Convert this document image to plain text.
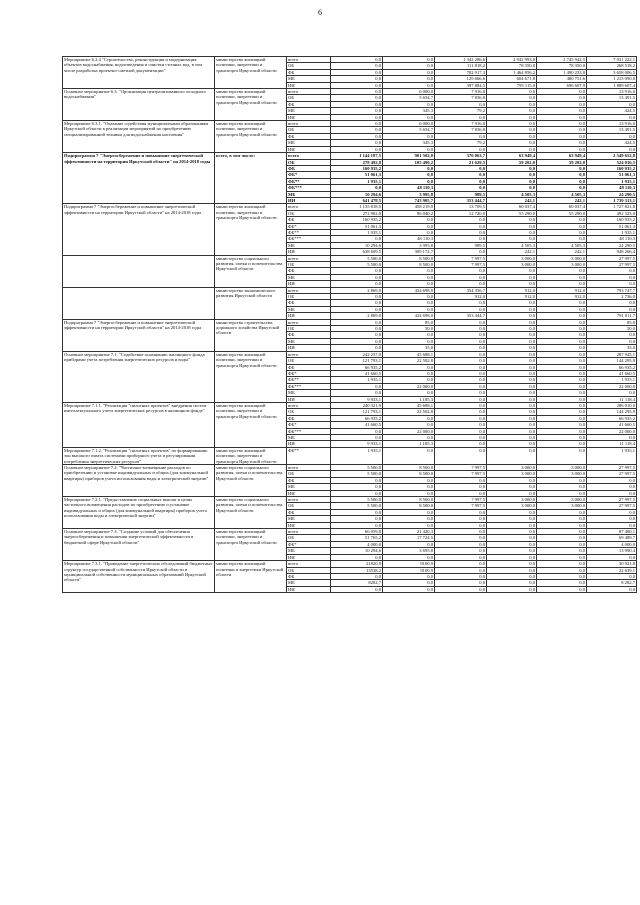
6
Мероприятие 6.2.4 "Строительство, реконструкция и модернизация объектов водоснабжения, водоотведения и очистки сточных вод, в том числе разработка проектно-сметной документации"	министерство жилищной политики, энергетики и транспорта Иркутской области	всего	0,0	0,0	1 342 286,6	2 942 993,0	2 745 942,5	7 031 222,1
		ОБ	0,0	0,0	111 818,2	78 350,0	78 350,0	268 518,2
		ФБ	0,0	0,0	702 917,3	1 464 856,2	1 490 233,0	3 658 006,5
		МБ	0,0	0,0	129 666,6	604 671,8	480 751,6	1 215 090,0
		ИИ	0,0	0,0	397 884,5	795 115,0	696 607,9	1 889 607,4
Основное мероприятие 6.3. "Организация централизованного холодного водоснабжения"	министерство жилищной политики, энергетики и транспорта Иркутской области	всего	0,0	6 000,0	7 916,0	0,0	0,0	13 916,0
		ОБ	0,0	5 654,7	7 836,8	0,0	0,0	13 491,5
		ФБ	0,0	0,0	0,0	0,0	0,0	0,0
		МБ	0,0	345,3	79,2	0,0	0,0	424,5
		ИИ	0,0	0,0	0,0	0,0	0,0	0,0
Мероприятие 6.3.1. "Оказание содействия муниципальным образованиям Иркутской области в реализации мероприятий по приобретению специализированной техники для водоснабжения населения"	министерство жилищной политики, энергетики и транспорта Иркутской области	всего	0,0	6 000,0	7 916,0	0,0	0,0	13 916,0
		ОБ	0,0	5 654,7	7 836,8	0,0	0,0	13 491,5
		ФБ	0,0	0,0	0,0	0,0	0,0	0,0
		МБ	0,0	345,3	79,2	0,0	0,0	424,5
		ИИ	0,0	0,0	0,0	0,0	0,0	0,0
Подпрограмма 7 "Энергосбережение и повышение энергетической эффективности на территории Иркутской области" на 2014-2018 годы	всего, в том числе:	всего	1 144 187,5	901 502,0	376 063,7	63 949,4	63 949,4	2 549 652,0
		ОБ	278 492,8	105 490,2	21 629,5	59 202,0	59 202,0	524 016,5
		ФБ	160 935,2	0,0	0,0	0,0	0,0	160 935,2
		ФБ*	51 061,3	0,0	0,0	0,0	0,0	51 061,3
		ФБ**	1 935,1	0,0	0,0	0,0	0,0	1 935,1
		ФБ***	0,0	48 110,3	0,0	0,0	0,0	48 110,3
		МБ	10 294,6	3 995,8	989,5	4 505,3	4 505,3	24 290,5
		ИИ	641 478,5	743 905,7	353 444,7	242,1	242,1	1 739 313,1
Подпрограмма 7 "Энергосбережение и повышение энергетической эффективности на территории Иркутской области" на 2014-2018 годы	министерство жилищной политики, энергетики и транспорта Иркутской области	всего	1 135 818,5	458 219,0	13 709,5	60 037,4	60 037,4	1 727 821,8
		ОБ	272 982,8	96 040,2	12 720,0	55 290,0	55 290,0	492 323,0
		ФБ	160 935,2	0,0	0,0	0,0	0,0	160 935,2
		ФБ*	51 061,3	0,0	0,0	0,0	0,0	51 061,3
		ФБ**	1 935,1	0,0	0,0	0,0	0,0	1 935,1
		ФБ***	0,0	48 110,3	0,0	0,0	0,0	48 110,3
		МБ	10 294,6	3 995,8	989,5	4 505,3	4 505,3	24 290,5
		ИИ	638 609,5	309 172,7	0,0	242,1	242,1	948 266,4
	министерство социального развития, опеки и попечительства Иркутской области	всего	5 500,0	8 500,0	7 997,5	3 000,0	3 000,0	27 997,5
		ОБ	5 500,0	8 500,0	7 997,5	3 000,0	3 000,0	27 997,5
		ФБ	0,0	0,0	0,0	0,0	0,0	0,0
		МБ	0,0	0,0	0,0	0,0	0,0	0,0
		ИИ	0,0	0,0	0,0	0,0	0,0	0,0
	министерство экономического развития Иркутской области	всего	2 869,0	434 698,0	354 356,7	912,0	912,0	793 747,7
		ОБ	0,0	0,0	912,0	912,0	912,0	2 736,0
		ФБ	0,0	0,0	0,0	0,0	0,0	0,0
		МБ	0,0	0,0	0,0	0,0	0,0	0,0
		ИИ	2 869,0	434 698,0	353 444,7	0,0	0,0	791 011,7
Подпрограмма 7 "Энергосбережение и повышение энергетической эффективности на территории Иркутской области" на 2014-2018 годы	министерство строительства, дорожного хозяйства Иркутской области	всего	0,0	85,0	0,0	0,0	0,0	85,0
		ОБ	0,0	50,0	0,0	0,0	0,0	50,0
		ФБ	0,0	0,0	0,0	0,0	0,0	0,0
		МБ	0,0	0,0	0,0	0,0	0,0	0,0
		ИИ	0,0	35,0	0,0	0,0	0,0	35,0
Основное мероприятие 7.1. "Содействие оснащению жилищного фонда приборами учета потребления энергетических ресурсов и воды"	министерство жилищной политики, энергетики и транспорта Иркутской области	всего	242 257,0	45 688,1	0,0	0,0	0,0	287 945,1
		ОБ	121 793,1	22 502,8	0,0	0,0	0,0	144 295,9
		ФБ	66 935,2	0,0	0,0	0,0	0,0	66 935,2
		ФБ*	41 660,5	0,0	0,0	0,0	0,0	41 660,5
		ФБ**	1 935,1	0,0	0,0	0,0	0,0	1 935,1
		ФБ***	0,0	22 000,0	0,0	0,0	0,0	22 000,0
		МБ	0,0	0,0	0,0	0,0	0,0	0,0
		ИИ	9 933,1	1 185,3	0,0	0,0	0,0	11 118,4
Мероприятие 7.1.1. "Реализация "пилотных проектов" внедрения систем интеллектуального учета энергетических ресурсов в жилищном фонде"	министерство жилищной политики, энергетики и транспорта Иркутской области	всего	240 321,9	45 688,1	0,0	0,0	0,0	286 010,0
		ОБ	121 793,1	22 502,8	0,0	0,0	0,0	144 295,9
		ФБ	66 935,2	0,0	0,0	0,0	0,0	66 935,2
		ФБ*	41 660,5	0,0	0,0	0,0	0,0	41 660,5
		ФБ***	0,0	22 000,0	0,0	0,0	0,0	22 000,0
		МБ	0,0	0,0	0,0	0,0	0,0	0,0
		ИИ	9 933,1	1 185,3	0,0	0,0	0,0	11 118,4
Мероприятие 7.1.2. "Реализация "пилотных проектов" по формированию зон высокого охвата системами приборного учета и регулирования потребления энергетических ресурсов"	министерство жилищной политики, энергетики и транспорта Иркутской области	ФБ**	1 935,1	0,0	0,0	0,0	0,0	1 935,1
Основное мероприятие 7.2. "Частичное возмещение расходов по приобретению и установке индивидуальных и общих (для коммунальной квартиры) приборов учета использования воды и электрической энергии"	министерство социального развития, опеки и попечительства Иркутской области	всего	5 500,0	8 500,0	7 997,5	3 000,0	3 000,0	27 997,5
		ОБ	5 500,0	8 500,0	7 997,5	3 000,0	3 000,0	27 997,5
		ФБ	0,0	0,0	0,0	0,0	0,0	0,0
		МБ	0,0	0,0	0,0	0,0	0,0	0,0
		ИИ	0,0	0,0	0,0	0,0	0,0	0,0
Мероприятие 7.2.1. "Предоставление социальных выплат в целях частичного возмещения расходов по приобретению и установке индивидуальных и общих (для коммунальной квартиры) приборов учета использования воды и электрической энергии"	министерство социального развития, опеки и попечительства Иркутской области	всего	5 500,0	8 500,0	7 997,5	3 000,0	3 000,0	27 997,5
		ОБ	5 500,0	8 500,0	7 997,5	3 000,0	3 000,0	27 997,5
		ФБ	0,0	0,0	0,0	0,0	0,0	0,0
		МБ	0,0	0,0	0,0	0,0	0,0	0,0
		ИИ	0,0	0,0	0,0	0,0	0,0	0,0
Основное мероприятие 7.3. "Создание условий для обеспечения энергосбережения и повышения энергетической эффективности в бюджетной сфере Иркутской области"	министерство жилищной политики, энергетики и транспорта Иркутской области	всего	66 059,8	21 420,3	0,0	0,0	0,0	87 480,1
		ОБ	51 765,2	17 724,5	0,0	0,0	0,0	69 489,7
		ФБ*	4 000,0	0,0	0,0	0,0	0,0	4 000,0
		МБ	10 294,6	3 695,8	0,0	0,0	0,0	13 990,4
		ИИ	0,0	0,0	0,0	0,0	0,0	0,0
Мероприятие 7.3.1. "Проведение энергетических обследований бюджетных структур государственной собственности Иркутской области и муниципальной собственности муниципальных образований Иркутской области"	министерство жилищной политики и энергетики Иркутской области	всего	21820,9	9100,9	0,0	0,0	0,0	30 921,8
		ОБ	13538,2	9100,9	0,0	0,0	0,0	22 639,1
		ФБ	0,0	0,0	0,0	0,0	0,0	0,0
		МБ	8282,7	0,0	0,0	0,0	0,0	8 282,7
		ИИ	0,0	0,0	0,0	0,0	0,0	0,0
